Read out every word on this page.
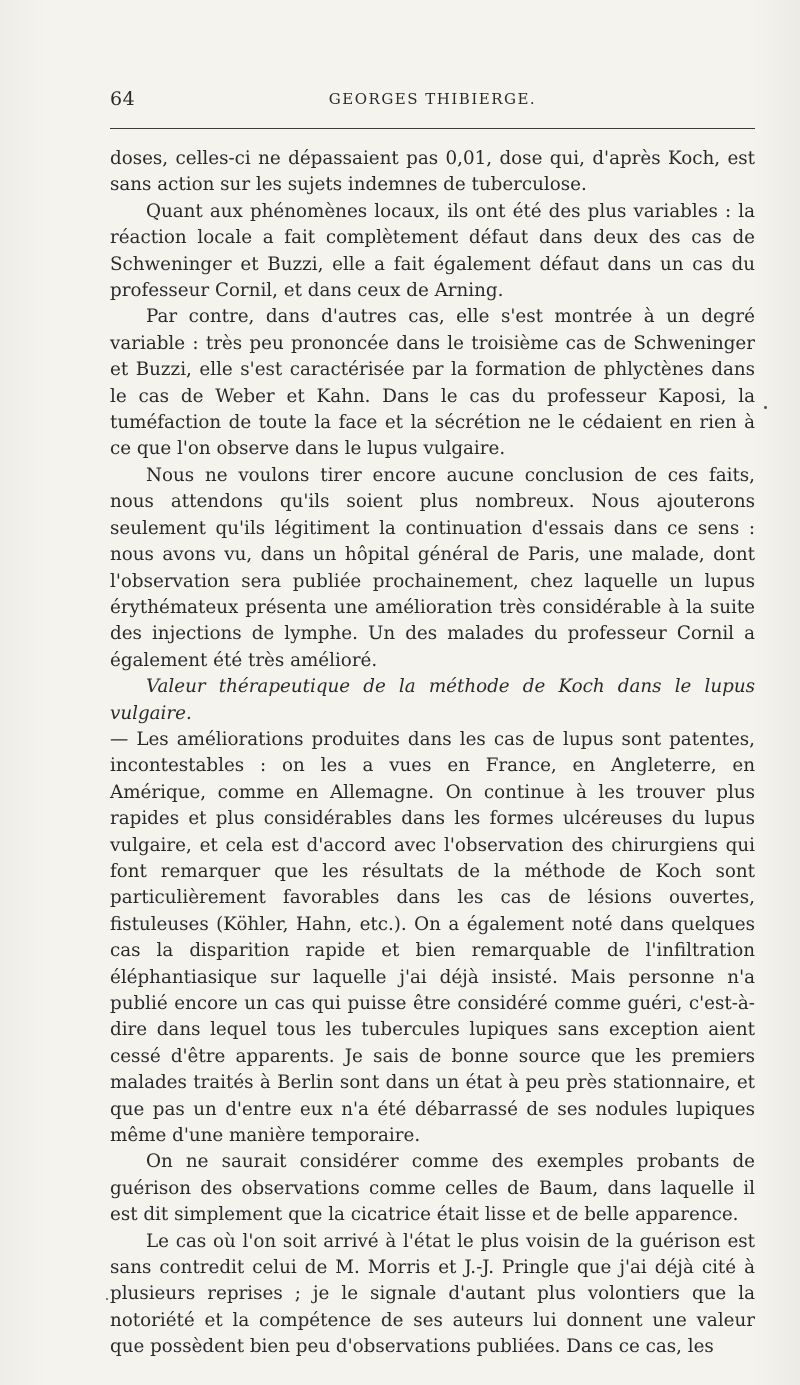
64	GEORGES THIBIERGE.

doses, celles-ci ne dépassaient pas 0,01, dose qui, d'après Koch, est sans action sur les sujets indemnes de tuberculose.

Quant aux phénomènes locaux, ils ont été des plus variables : la réaction locale a fait complètement défaut dans deux des cas de Schweninger et Buzzi, elle a fait également défaut dans un cas du professeur Cornil, et dans ceux de Arning.

Par contre, dans d'autres cas, elle s'est montrée à un degré variable : très peu prononcée dans le troisième cas de Schweninger et Buzzi, elle s'est caractérisée par la formation de phlyctènes dans le cas de Weber et Kahn. Dans le cas du professeur Kaposi, la tuméfaction de toute la face et la sécrétion ne le cédaient en rien à ce que l'on observe dans le lupus vulgaire.

Nous ne voulons tirer encore aucune conclusion de ces faits, nous attendons qu'ils soient plus nombreux. Nous ajouterons seulement qu'ils légitiment la continuation d'essais dans ce sens : nous avons vu, dans un hôpital général de Paris, une malade, dont l'observation sera publiée prochainement, chez laquelle un lupus érythémateux présenta une amélioration très considérable à la suite des injections de lymphe. Un des malades du professeur Cornil a également été très amélioré.

Valeur thérapeutique de la méthode de Koch dans le lupus vulgaire.
— Les améliorations produites dans les cas de lupus sont patentes, incontestables : on les a vues en France, en Angleterre, en Amérique, comme en Allemagne. On continue à les trouver plus rapides et plus considérables dans les formes ulcéreuses du lupus vulgaire, et cela est d'accord avec l'observation des chirurgiens qui font remarquer que les résultats de la méthode de Koch sont particulièrement favorables dans les cas de lésions ouvertes, fistuleuses (Köhler, Hahn, etc.). On a également noté dans quelques cas la disparition rapide et bien remarquable de l'infiltration éléphantiasique sur laquelle j'ai déjà insisté. Mais personne n'a publié encore un cas qui puisse être considéré comme guéri, c'est-à-dire dans lequel tous les tubercules lupiques sans exception aient cessé d'être apparents. Je sais de bonne source que les premiers malades traités à Berlin sont dans un état à peu près stationnaire, et que pas un d'entre eux n'a été débarrassé de ses nodules lupiques même d'une manière temporaire.

On ne saurait considérer comme des exemples probants de guérison des observations comme celles de Baum, dans laquelle il est dit simplement que la cicatrice était lisse et de belle apparence.

Le cas où l'on soit arrivé à l'état le plus voisin de la guérison est sans contredit celui de M. Morris et J.-J. Pringle que j'ai déjà cité à plusieurs reprises ; je le signale d'autant plus volontiers que la notoriété et la compétence de ses auteurs lui donnent une valeur que possèdent bien peu d'observations publiées. Dans ce cas, les
